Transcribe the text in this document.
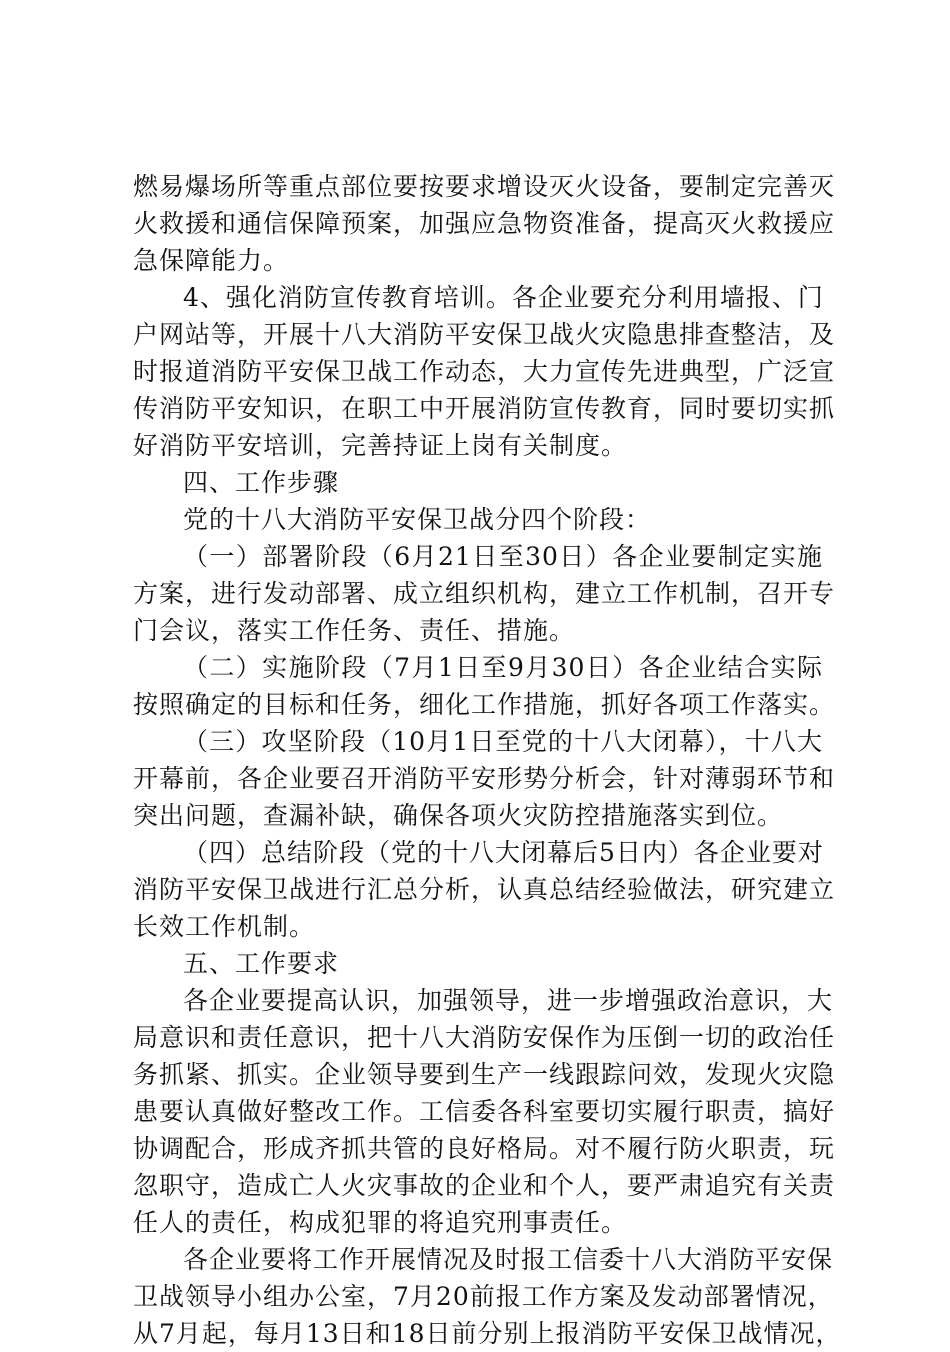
燃易爆场所等重点部位要按要求增设灭火设备，要制定完善灭
火救援和通信保障预案，加强应急物资准备，提高灭火救援应
急保障能力。
4、强化消防宣传教育培训。各企业要充分利用墙报、门
户网站等，开展十八大消防平安保卫战火灾隐患排查整洁，及
时报道消防平安保卫战工作动态，大力宣传先进典型，广泛宣
传消防平安知识，在职工中开展消防宣传教育，同时要切实抓
好消防平安培训，完善持证上岗有关制度。
四、工作步骤
党的十八大消防平安保卫战分四个阶段：
（一）部署阶段（6月21日至30日）各企业要制定实施
方案，进行发动部署、成立组织机构，建立工作机制，召开专
门会议，落实工作任务、责任、措施。
（二）实施阶段（7月1日至9月30日）各企业结合实际
按照确定的目标和任务，细化工作措施，抓好各项工作落实。
（三）攻坚阶段（10月1日至党的十八大闭幕），十八大
开幕前，各企业要召开消防平安形势分析会，针对薄弱环节和
突出问题，查漏补缺，确保各项火灾防控措施落实到位。
（四）总结阶段（党的十八大闭幕后5日内）各企业要对
消防平安保卫战进行汇总分析，认真总结经验做法，研究建立
长效工作机制。
五、工作要求
各企业要提高认识，加强领导，进一步增强政治意识，大
局意识和责任意识，把十八大消防安保作为压倒一切的政治任
务抓紧、抓实。企业领导要到生产一线跟踪问效，发现火灾隐
患要认真做好整改工作。工信委各科室要切实履行职责，搞好
协调配合，形成齐抓共管的良好格局。对不履行防火职责，玩
忽职守，造成亡人火灾事故的企业和个人，要严肃追究有关责
任人的责任，构成犯罪的将追究刑事责任。
各企业要将工作开展情况及时报工信委十八大消防平安保
卫战领导小组办公室，7月20前报工作方案及发动部署情况，
从7月起，每月13日和18日前分别上报消防平安保卫战情况，
